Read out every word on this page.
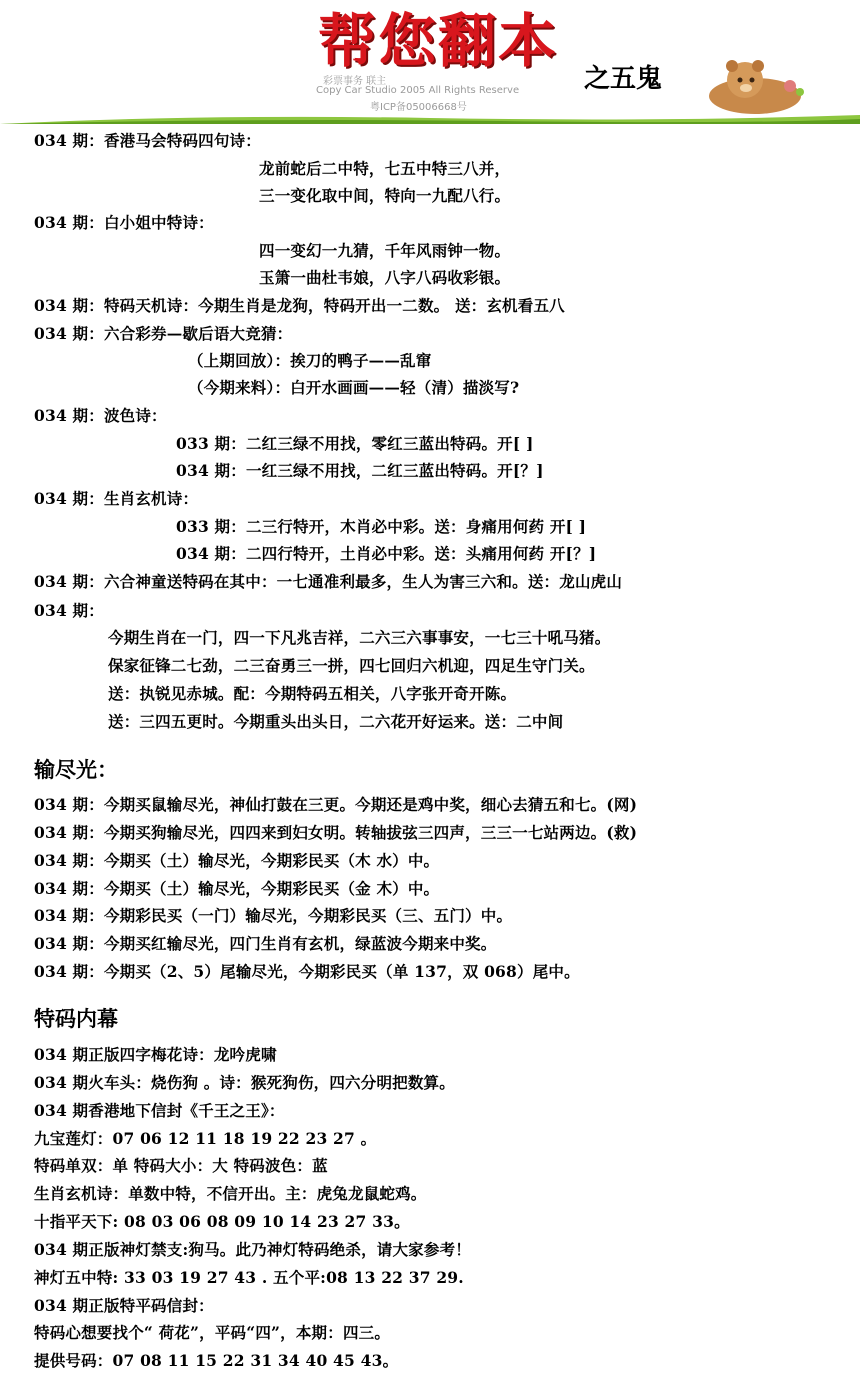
彩票事务 联主
Copy Car Studio 2005 All Rights Reserve
粤ICP备05006668号
帮您翻本
之五鬼
034 期：香港马会特码四句诗：
龙前蛇后二中特，七五中特三八并，
三一变化取中间，特向一九配八行。
034 期：白小姐中特诗：
四一变幻一九猜，千年风雨钟一物。
玉箫一曲杜韦娘，八字八码收彩银。
034 期：特码天机诗：今期生肖是龙狗，特码开出一二数。 送：玄机看五八
034 期：六合彩券—歇后语大竞猜：
（上期回放）：挨刀的鸭子——乱窜
（今期来料）：白开水画画——轻（清）描淡写?
034 期：波色诗：
033 期：二红三绿不用找，零红三蓝出特码。开[ ]
034 期：一红三绿不用找，二红三蓝出特码。开[？]
034 期：生肖玄机诗：
033 期：二三行特开，木肖必中彩。送：身痛用何药 开[ ]
034 期：二四行特开，土肖必中彩。送：头痛用何药 开[？]
034 期：六合神童送特码在其中：一七通准利最多，生人为害三六和。送：龙山虎山
034 期：
今期生肖在一门，四一下凡兆吉祥，二六三六事事安，一七三十吼马猪。
保家征锋二七劲，二三奋勇三一拼，四七回归六机迎，四足生守门关。
送：执锐见赤城。配：今期特码五相关，八字张开奇开陈。
送：三四五更时。今期重头出头日，二六花开好运来。送：二中间
输尽光：
034 期：今期买鼠输尽光，神仙打鼓在三更。今期还是鸡中奖，细心去猜五和七。(网)
034 期：今期买狗输尽光，四四来到妇女明。转轴拔弦三四声，三三一七站两边。(救)
034 期：今期买（土）输尽光，今期彩民买（木 水）中。
034 期：今期买（土）输尽光，今期彩民买（金 木）中。
034 期：今期彩民买（一门）输尽光，今期彩民买（三、五门）中。
034 期：今期买红输尽光，四门生肖有玄机，绿蓝波今期来中奖。
034 期：今期买（2、5）尾输尽光，今期彩民买（单 137，双 068）尾中。
特码内幕
034 期正版四字梅花诗：龙吟虎啸
034 期火车头：烧伤狗 。诗：猴死狗伤，四六分明把数算。
034 期香港地下信封《千王之王》：
九宝莲灯：07 06 12 11 18 19 22 23 27 。
特码单双：单 特码大小：大 特码波色：蓝
生肖玄机诗：单数中特，不信开出。主：虎兔龙鼠蛇鸡。
十指平天下: 08 03 06 08 09 10 14 23 27 33。
034 期正版神灯禁支:狗马。此乃神灯特码绝杀，请大家参考！
神灯五中特: 33 03 19 27 43 . 五个平:08 13 22 37 29.
034 期正版特平码信封：
特码心想要找个“ 荷花”，平码“四”，本期：四三。
提供号码：07 08 11 15 22 31 34 40 45 43。
